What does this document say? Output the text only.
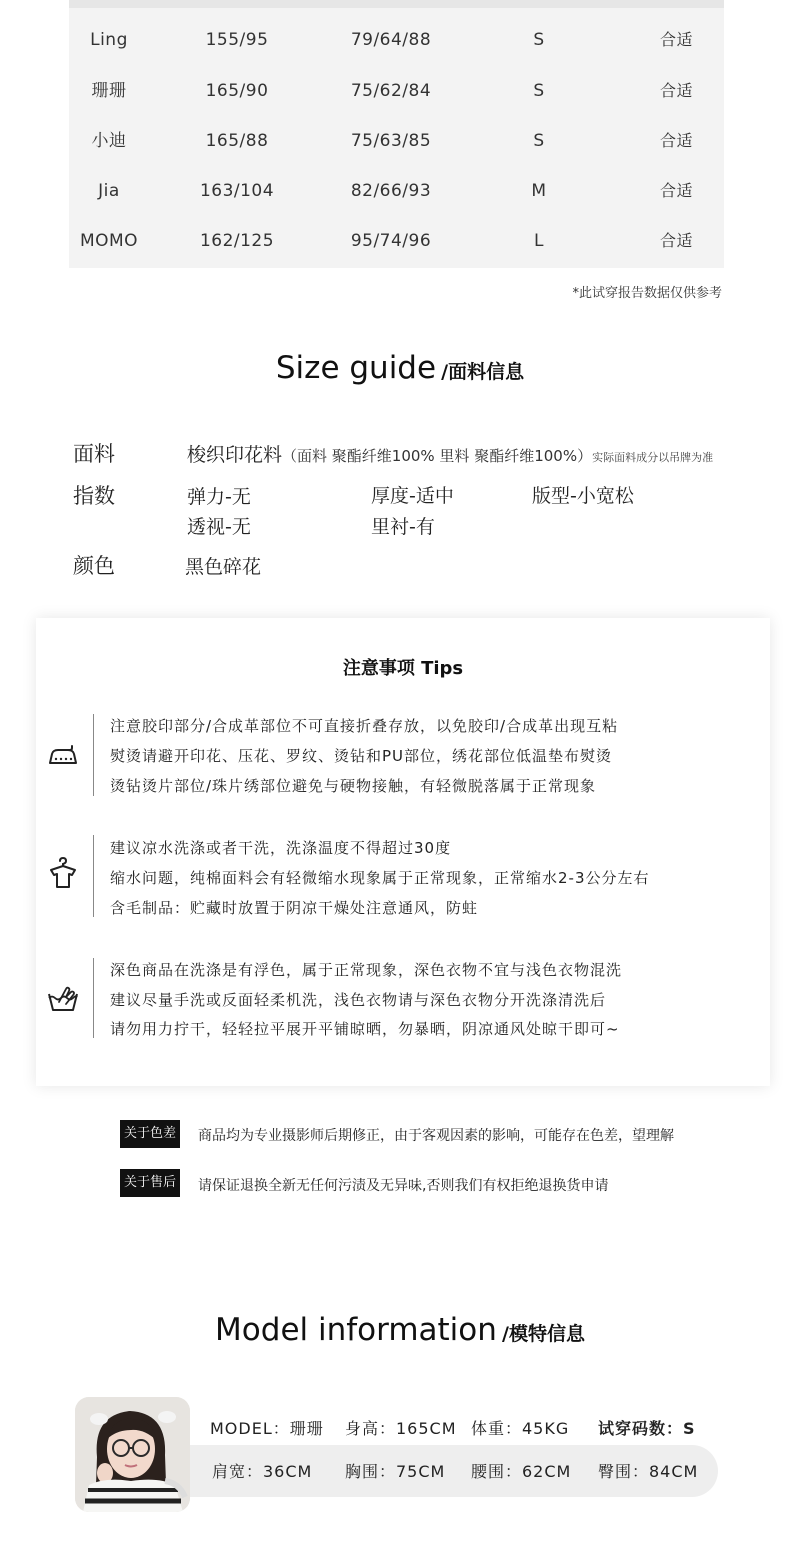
Ling	155/95	79/64/88	S	合适
珊珊	165/90	75/62/84	S	合适
小迪	165/88	75/63/85	S	合适
Jia	163/104	82/66/93	M	合适
MOMO	162/125	95/74/96	L	合适
*此试穿报告数据仅供参考
Size guide /面料信息
面料	梭织印花料（面料 聚酯纤维100% 里料 聚酯纤维100%）实际面料成分以吊牌为准
指数	弹力-无	厚度-适中	版型-小宽松
透视-无	里衬-有
颜色	黑色碎花
注意事项 Tips
注意胶印部分/合成革部位不可直接折叠存放，以免胶印/合成革出现互粘
熨烫请避开印花、压花、罗纹、烫钻和PU部位，绣花部位低温垫布熨烫
烫钻烫片部位/珠片绣部位避免与硬物接触，有轻微脱落属于正常现象
建议凉水洗涤或者干洗，洗涤温度不得超过30度
缩水问题，纯棉面料会有轻微缩水现象属于正常现象，正常缩水2-3公分左右
含毛制品：贮藏时放置于阴凉干燥处注意通风，防蛀
深色商品在洗涤是有浮色，属于正常现象，深色衣物不宜与浅色衣物混洗
建议尽量手洗或反面轻柔机洗，浅色衣物请与深色衣物分开洗涤清洗后
请勿用力拧干，轻轻拉平展开平铺晾晒，勿暴晒，阴凉通风处晾干即可~
关于色差 商品均为专业摄影师后期修正，由于客观因素的影响，可能存在色差，望理解
关于售后 请保证退换全新无任何污渍及无异味,否则我们有权拒绝退换货申请
Model information /模特信息
MODEL：珊珊 身高：165CM 体重：45KG 试穿码数：S
肩宽：36CM 胸围：75CM 腰围：62CM 臀围：84CM
